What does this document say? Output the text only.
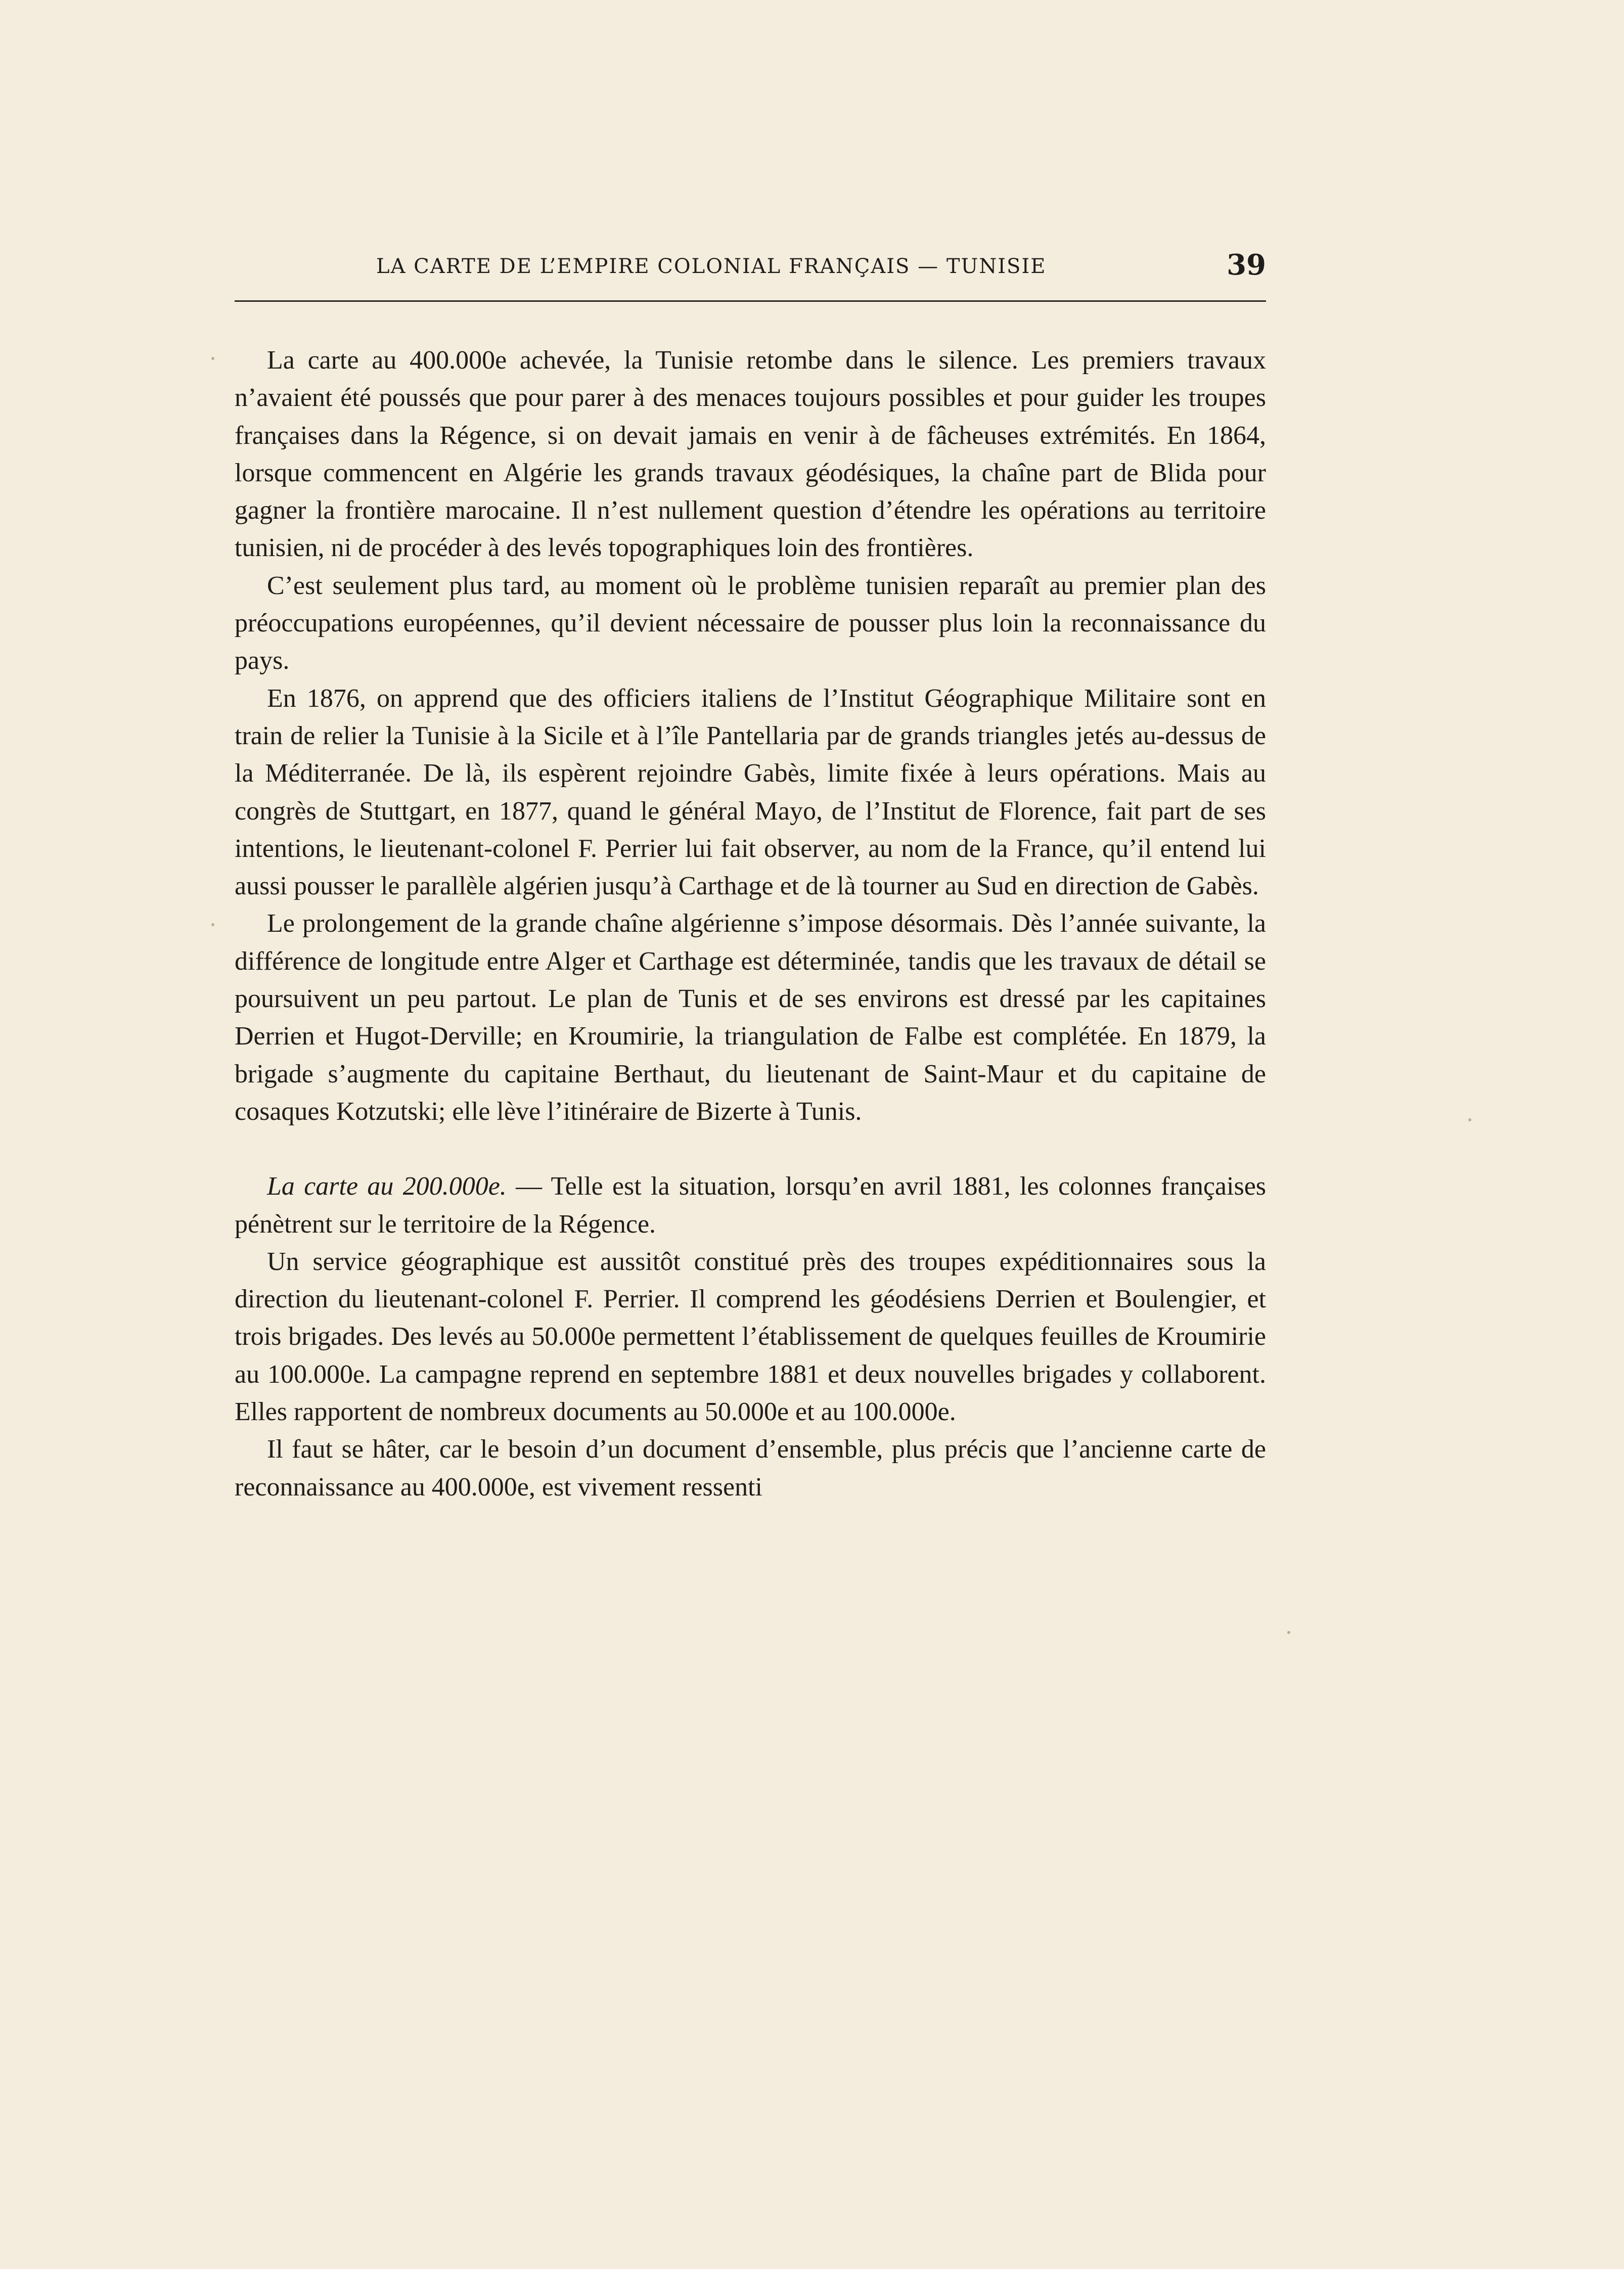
LA CARTE DE L’EMPIRE COLONIAL FRANÇAIS — TUNISIE	39

La carte au 400.000e achevée, la Tunisie retombe dans le silence. Les premiers travaux n’avaient été poussés que pour parer à des menaces toujours possibles et pour guider les troupes françaises dans la Régence, si on devait jamais en venir à de fâcheuses extrémités. En 1864, lorsque commencent en Algérie les grands travaux géodésiques, la chaîne part de Blida pour gagner la frontière marocaine. Il n’est nullement question d’étendre les opérations au territoire tunisien, ni de procéder à des levés topographiques loin des frontières.

C’est seulement plus tard, au moment où le problème tunisien reparaît au premier plan des préoccupations européennes, qu’il devient nécessaire de pousser plus loin la reconnaissance du pays.

En 1876, on apprend que des officiers italiens de l’Institut Géographique Militaire sont en train de relier la Tunisie à la Sicile et à l’île Pantellaria par de grands triangles jetés au-dessus de la Méditerranée. De là, ils espèrent rejoindre Gabès, limite fixée à leurs opérations. Mais au congrès de Stuttgart, en 1877, quand le général Mayo, de l’Institut de Florence, fait part de ses intentions, le lieutenant-colonel F. Perrier lui fait observer, au nom de la France, qu’il entend lui aussi pousser le parallèle algérien jusqu’à Carthage et de là tourner au Sud en direction de Gabès.

Le prolongement de la grande chaîne algérienne s’impose désormais. Dès l’année suivante, la différence de longitude entre Alger et Carthage est déterminée, tandis que les travaux de détail se poursuivent un peu partout. Le plan de Tunis et de ses environs est dressé par les capitaines Derrien et Hugot-Derville; en Kroumirie, la triangulation de Falbe est complétée. En 1879, la brigade s’augmente du capitaine Berthaut, du lieutenant de Saint-Maur et du capitaine de cosaques Kotzutski; elle lève l’itinéraire de Bizerte à Tunis.

La carte au 200.000e. — Telle est la situation, lorsqu’en avril 1881, les colonnes françaises pénètrent sur le territoire de la Régence.

Un service géographique est aussitôt constitué près des troupes expéditionnaires sous la direction du lieutenant-colonel F. Perrier. Il comprend les géodésiens Derrien et Boulengier, et trois brigades. Des levés au 50.000e permettent l’établissement de quelques feuilles de Kroumirie au 100.000e. La campagne reprend en septembre 1881 et deux nouvelles brigades y collaborent. Elles rapportent de nombreux documents au 50.000e et au 100.000e.

Il faut se hâter, car le besoin d’un document d’ensemble, plus précis que l’ancienne carte de reconnaissance au 400.000e, est vivement ressenti
